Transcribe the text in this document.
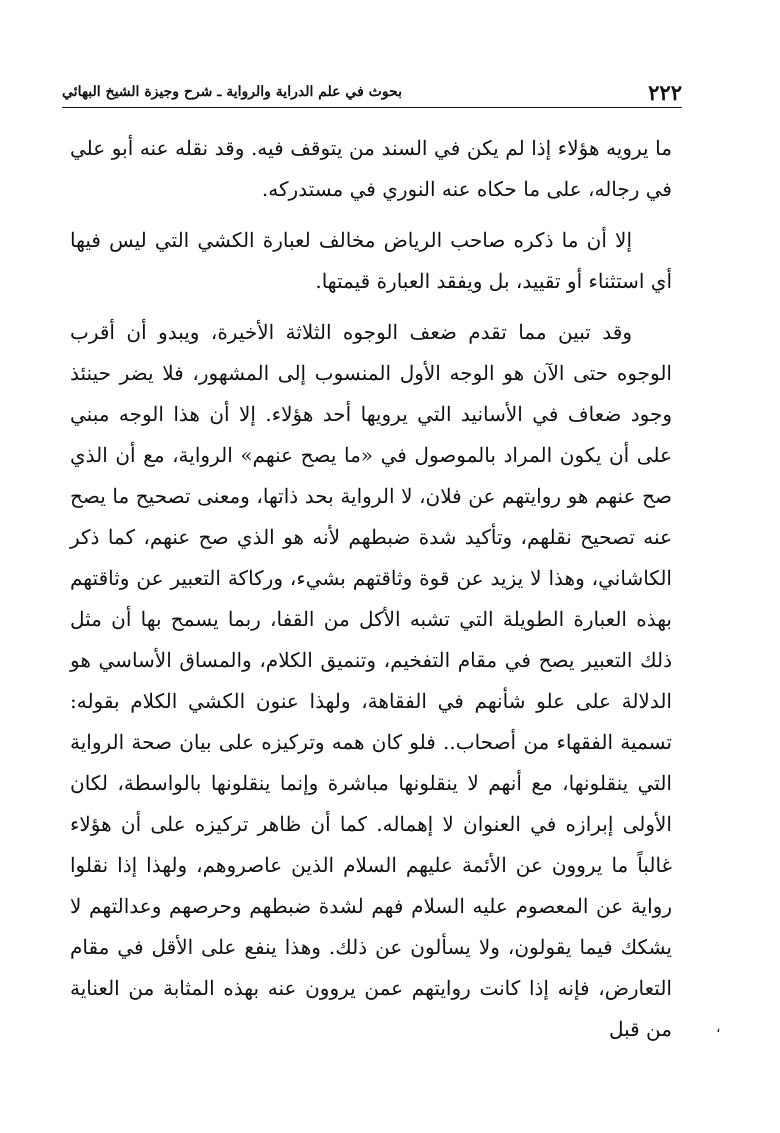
٢٢٢
بحوث في علم الدراية والرواية ـ شرح وجيزة الشيخ البهائي

ما يرويه هؤلاء إذا لم يكن في السند من يتوقف فيه. وقد نقله عنه أبو علي في رجاله، على ما حكاه عنه النوري في مستدركه.

إلا أن ما ذكره صاحب الرياض مخالف لعبارة الكشي التي ليس فيها أي استثناء أو تقييد، بل ويفقد العبارة قيمتها.

وقد تبين مما تقدم ضعف الوجوه الثلاثة الأخيرة، ويبدو أن أقرب الوجوه حتى الآن هو الوجه الأول المنسوب إلى المشهور، فلا يضر حينئذ وجود ضعاف في الأسانيد التي يرويها أحد هؤلاء. إلا أن هذا الوجه مبني على أن يكون المراد بالموصول في «ما يصح عنهم» الرواية، مع أن الذي صح عنهم هو روايتهم عن فلان، لا الرواية بحد ذاتها، ومعنى تصحيح ما يصح عنه تصحيح نقلهم، وتأكيد شدة ضبطهم لأنه هو الذي صح عنهم، كما ذكر الكاشاني، وهذا لا يزيد عن قوة وثاقتهم بشيء، وركاكة التعبير عن وثاقتهم بهذه العبارة الطويلة التي تشبه الأكل من القفا، ربما يسمح بها أن مثل ذلك التعبير يصح في مقام التفخيم، وتنميق الكلام، والمساق الأساسي هو الدلالة على علو شأنهم في الفقاهة، ولهذا عنون الكشي الكلام بقوله: تسمية الفقهاء من أصحاب.. فلو كان همه وتركيزه على بيان صحة الرواية التي ينقلونها، مع أنهم لا ينقلونها مباشرة وإنما ينقلونها بالواسطة، لكان الأولى إبرازه في العنوان لا إهماله. كما أن ظاهر تركيزه على أن هؤلاء غالباً ما يروون عن الأئمة عليهم السلام الذين عاصروهم، ولهذا إذا نقلوا رواية عن المعصوم عليه السلام فهم لشدة ضبطهم وحرصهم وعدالتهم لا يشكك فيما يقولون، ولا يسألون عن ذلك. وهذا ينفع على الأقل في مقام التعارض، فإنه إذا كانت روايتهم عمن يروون عنه بهذه المثابة من العناية من قبل	،
